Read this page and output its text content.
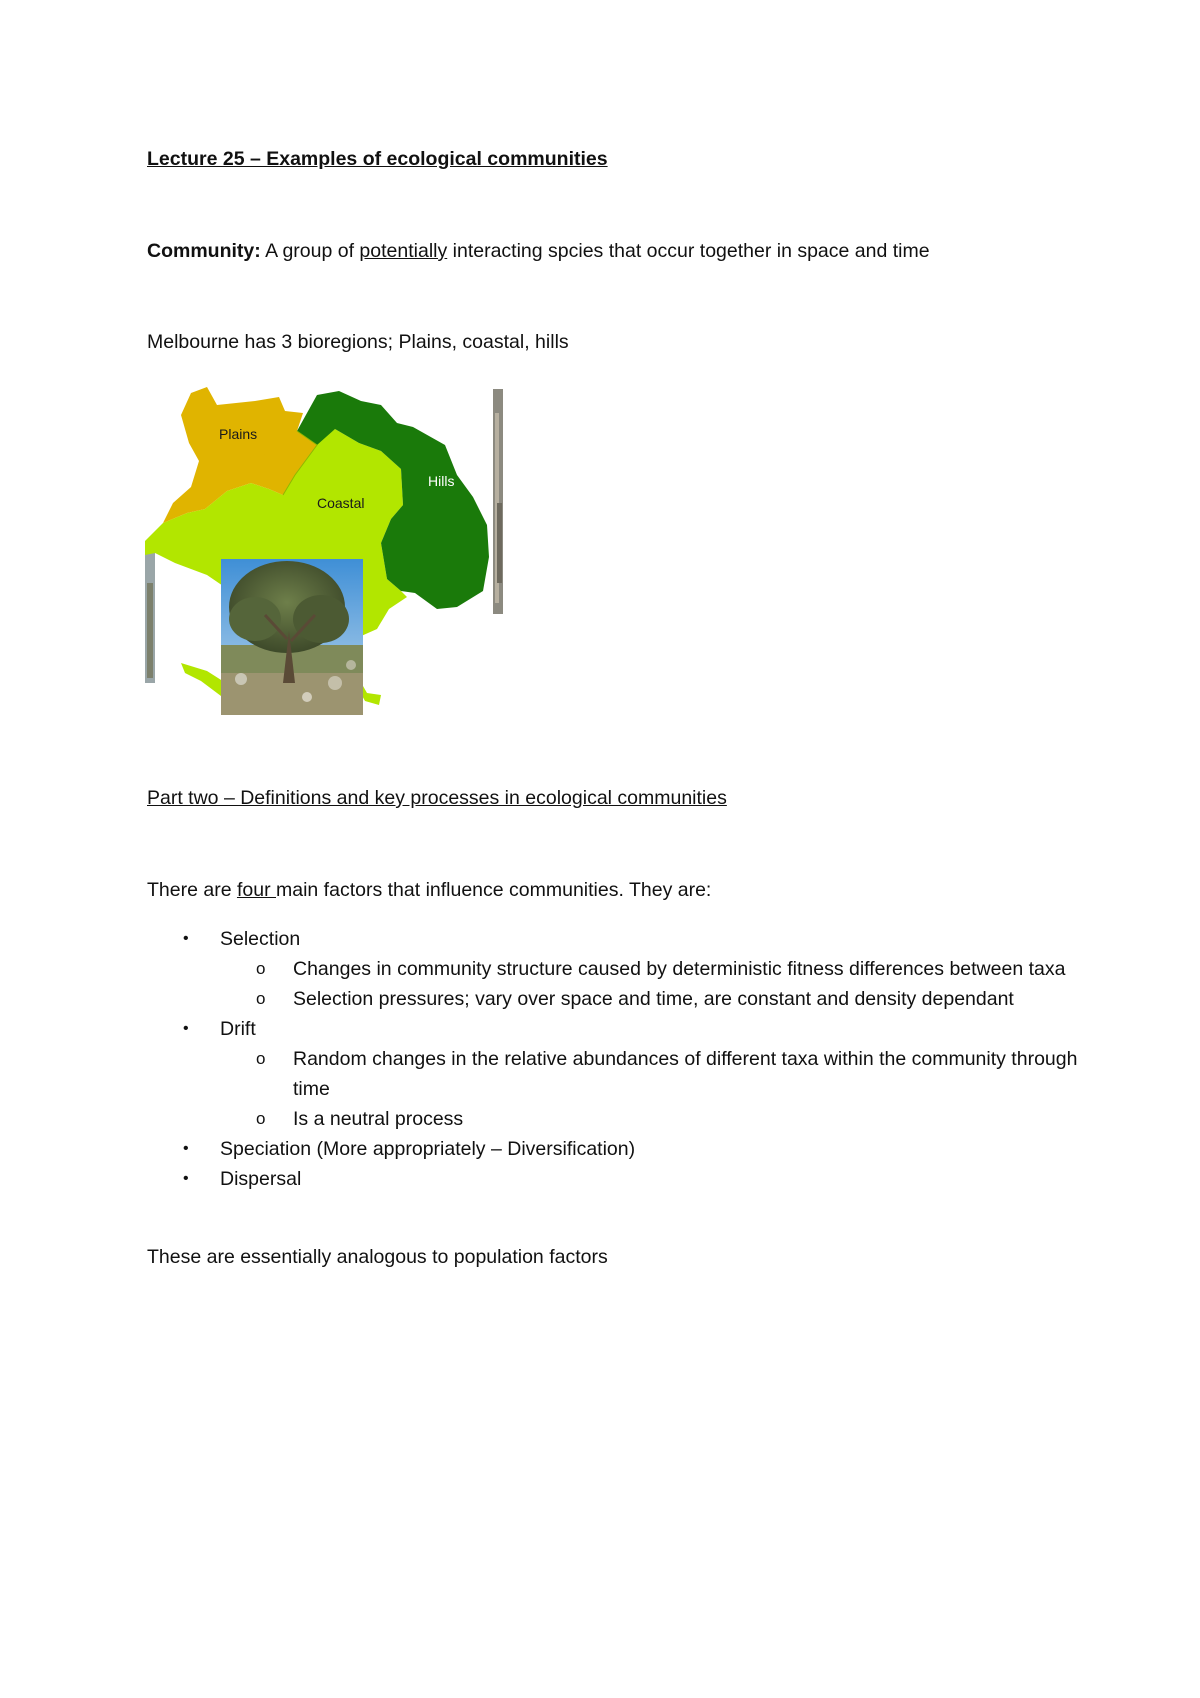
Lecture 25 – Examples of ecological communities
Community: A group of potentially interacting spcies that occur together in space and time
Melbourne has 3 bioregions; Plains, coastal, hills
Plains
Coastal
Hills
Part two – Definitions and key processes in ecological communities
There are four main factors that influence communities. They are:
• Selection
o Changes in community structure caused by deterministic fitness differences between taxa
o Selection pressures; vary over space and time, are constant and density dependant
• Drift
o Random changes in the relative abundances of different taxa within the community through time
o Is a neutral process
• Speciation (More appropriately – Diversification)
• Dispersal
These are essentially analogous to population factors
